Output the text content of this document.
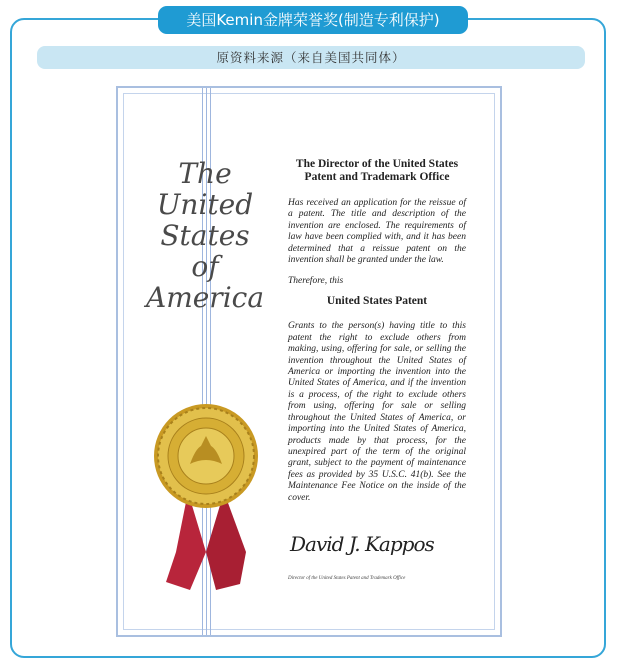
美国Kemin金牌荣誉奖(制造专利保护)
原资料来源（来自美国共同体）
The
United
States
of
America
The Director of the United States Patent and Trademark Office
Has received an application for the reissue of a patent. The title and description of the invention are enclosed. The requirements of law have been complied with, and it has been determined that a reissue patent on the invention shall be granted under the law.
Therefore, this
United States Patent
Grants to the person(s) having title to this patent the right to exclude others from making, using, offering for sale, or selling the invention throughout the United States of America or importing the invention into the United States of America, and if the invention is a process, of the right to exclude others from using, offering for sale or selling throughout the United States of America, or importing into the United States of America, products made by that process, for the unexpired part of the term of the original grant, subject to the payment of maintenance fees as provided by 35 U.S.C. 41(b). See the Maintenance Fee Notice on the inside of the cover.
David J. Kappos
Director of the United States Patent and Trademark Office
